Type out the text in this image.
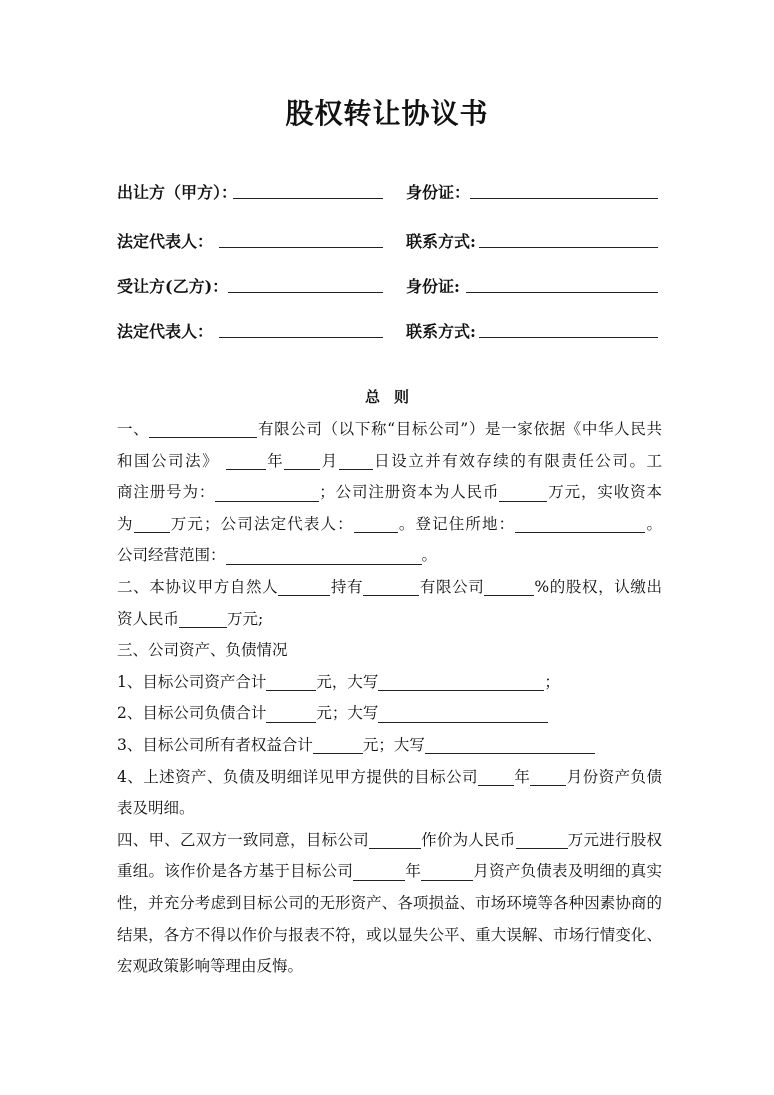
股权转让协议书
出让方（甲方）：	身份证：
法定代表人：	联系方式:
受让方(乙方)：	身份证:
法定代表人：	联系方式:
总则
一、	有限公司（以下称“目标公司”）是一家依据《中华人民共
和国公司法》	年 月 日设立并有效存续的有限责任公司。工
商注册号为：	；公司注册资本为人民币	万元，实收资本
为 万元；公司法定代表人：	。登记住所地：	。
公司经营范围：	。
二、本协议甲方自然人	持有	有限公司	%的股权，认缴出
资人民币	万元;
三、公司资产、负债情况
1、目标公司资产合计	元，大写	；
2、目标公司负债合计	元；大写
3、目标公司所有者权益合计	元；大写
4、上述资产、负债及明细详见甲方提供的目标公司 年 月份资产负债
表及明细。
四、甲、乙双方一致同意，目标公司	作价为人民币	万元进行股权
重组。该作价是各方基于目标公司	年	月资产负债表及明细的真实
性，并充分考虑到目标公司的无形资产、各项损益、市场环境等各种因素协商的
结果，各方不得以作价与报表不符，或以显失公平、重大误解、市场行情变化、
宏观政策影响等理由反悔。
